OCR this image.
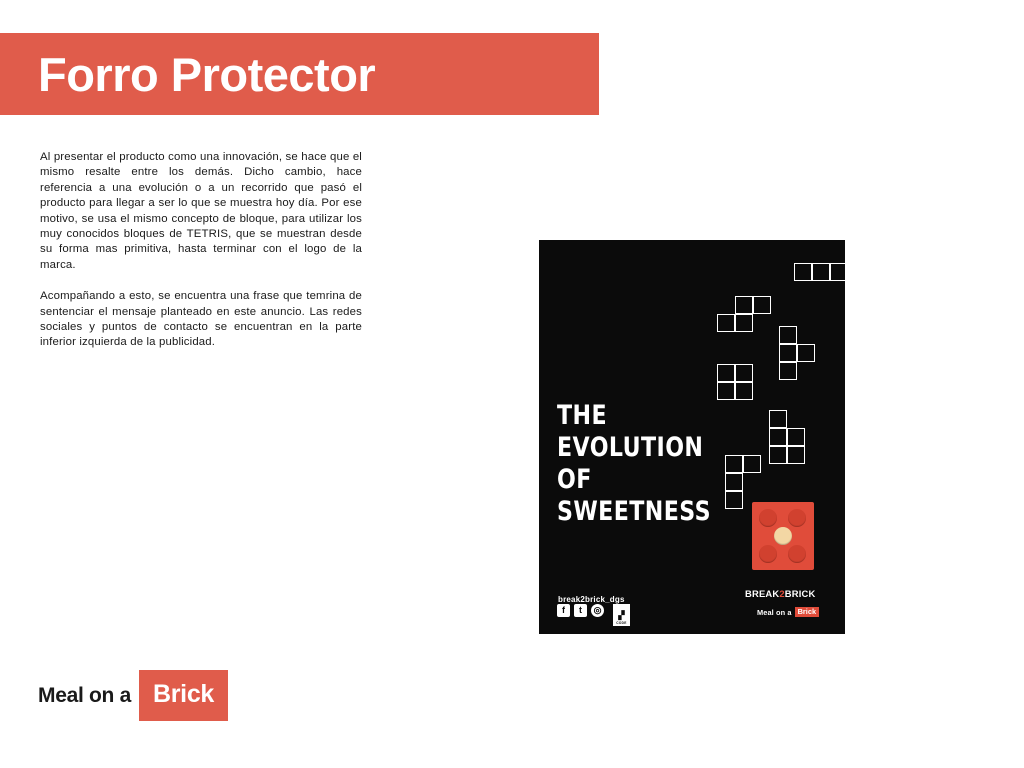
Forro Protector

Al presentar el producto como una innovación, se hace que el mismo resalte entre los demás. Dicho cambio, hace referencia a una evolución o a un recorrido que pasó el producto para llegar a ser lo que se muestra hoy día. Por ese motivo, se usa el mismo concepto de bloque, para utilizar los muy conocidos bloques de TETRIS, que se muestran desde su forma mas primitiva, hasta terminar con el logo de la marca.

Acompañando a esto, se encuentra una frase que temrina de sentenciar el mensaje planteado en este anuncio. Las redes sociales y puntos de contacto se encuentran en la parte inferior izquierda de la publicidad.

THE
EVOLUTION
OF
SWEETNESS
BREAK2BRICK
Meal on a Brick
break2brick_dgs
f	t	◎	▞
CODE
Meal on a Brick
